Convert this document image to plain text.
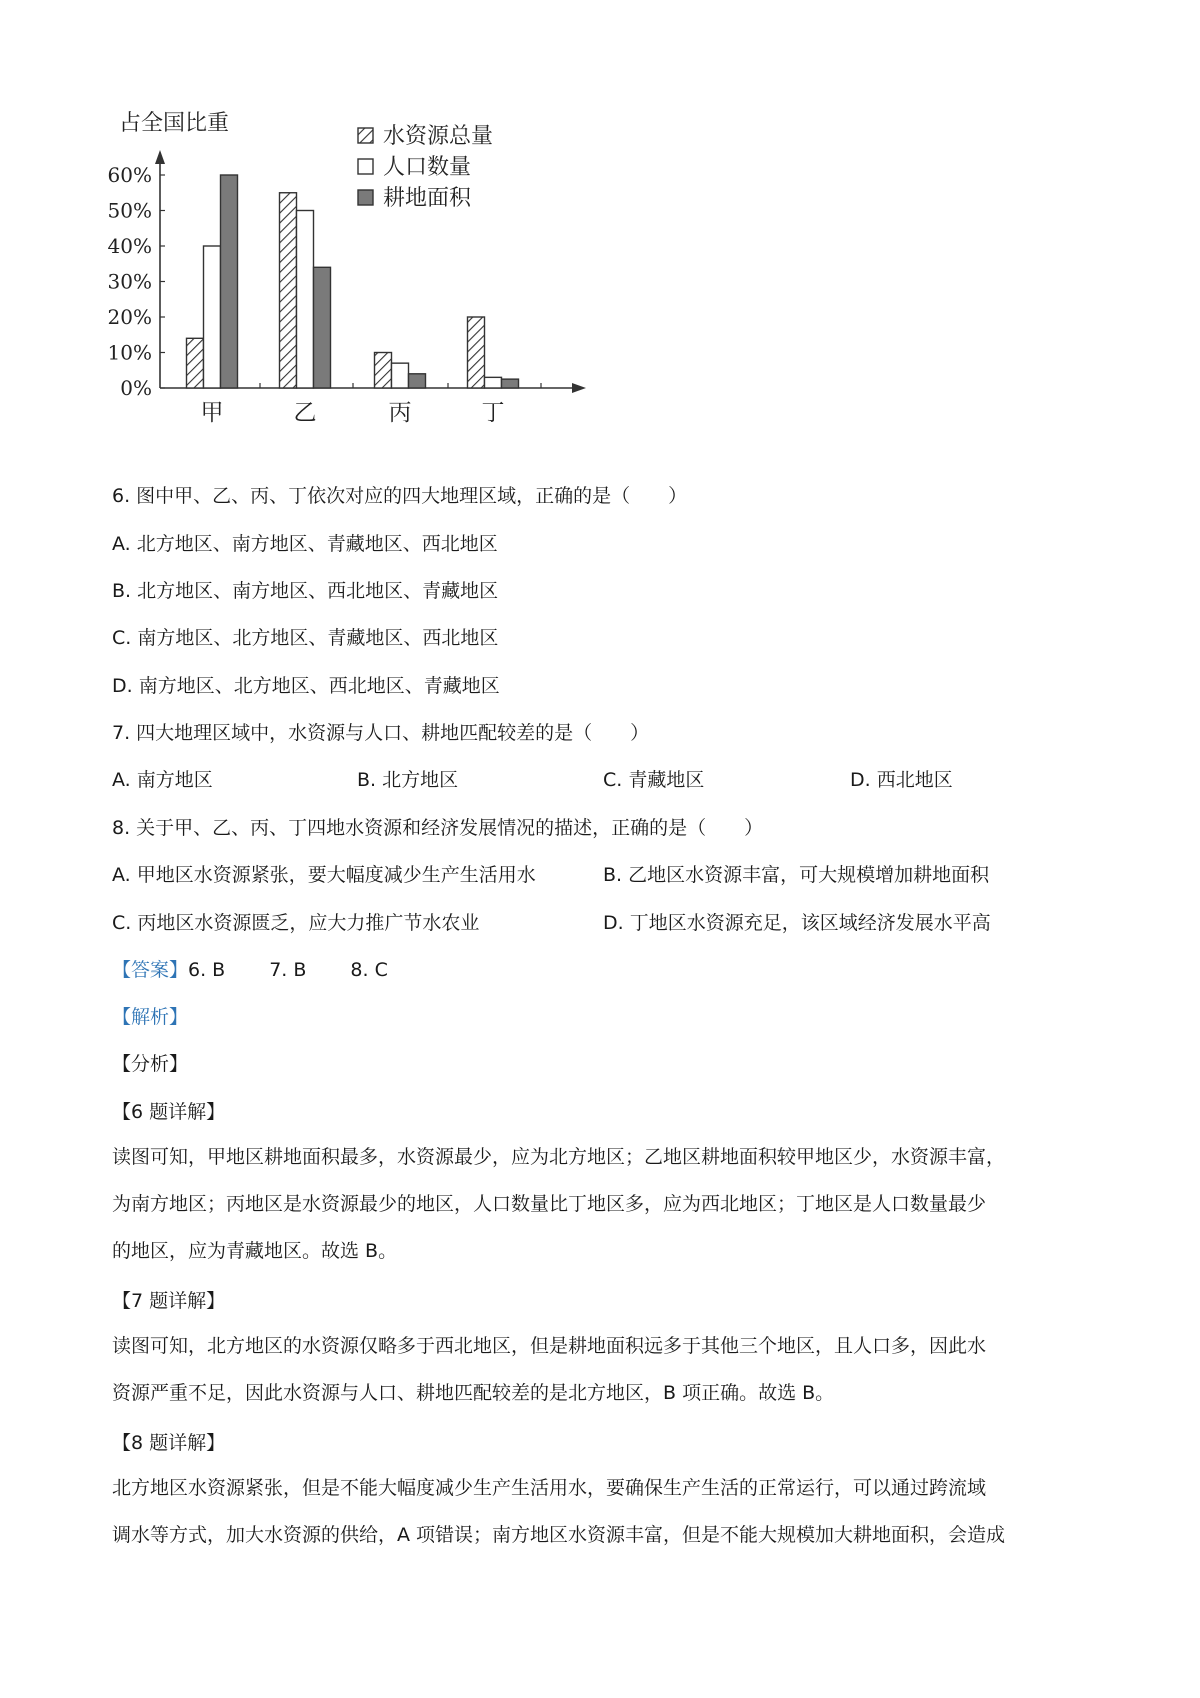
占全国比重
0%
10%
20%
30%
40%
50%
60%
甲	乙	丙	丁
水资源总量
人口数量
耕地面积
6. 图中甲、乙、丙、丁依次对应的四大地理区域，正确的是（　　）
A. 北方地区、南方地区、青藏地区、西北地区
B. 北方地区、南方地区、西北地区、青藏地区
C. 南方地区、北方地区、青藏地区、西北地区
D. 南方地区、北方地区、西北地区、青藏地区
7. 四大地理区域中，水资源与人口、耕地匹配较差的是（　　）
A. 南方地区	B. 北方地区	C. 青藏地区	D. 西北地区
8. 关于甲、乙、丙、丁四地水资源和经济发展情况的描述，正确的是（　　）
A. 甲地区水资源紧张，要大幅度减少生产生活用水	B. 乙地区水资源丰富，可大规模增加耕地面积
C. 丙地区水资源匮乏，应大力推广节水农业	D. 丁地区水资源充足，该区域经济发展水平高
【答案】6. B 7. B 8. C
【解析】
【分析】
【6 题详解】
读图可知，甲地区耕地面积最多，水资源最少，应为北方地区；乙地区耕地面积较甲地区少，水资源丰富，
为南方地区；丙地区是水资源最少的地区，人口数量比丁地区多，应为西北地区；丁地区是人口数量最少
的地区，应为青藏地区。故选 B。
【7 题详解】
读图可知，北方地区的水资源仅略多于西北地区，但是耕地面积远多于其他三个地区，且人口多，因此水
资源严重不足，因此水资源与人口、耕地匹配较差的是北方地区，B 项正确。故选 B。
【8 题详解】
北方地区水资源紧张，但是不能大幅度减少生产生活用水，要确保生产生活的正常运行，可以通过跨流域
调水等方式，加大水资源的供给，A 项错误；南方地区水资源丰富，但是不能大规模加大耕地面积，会造成
